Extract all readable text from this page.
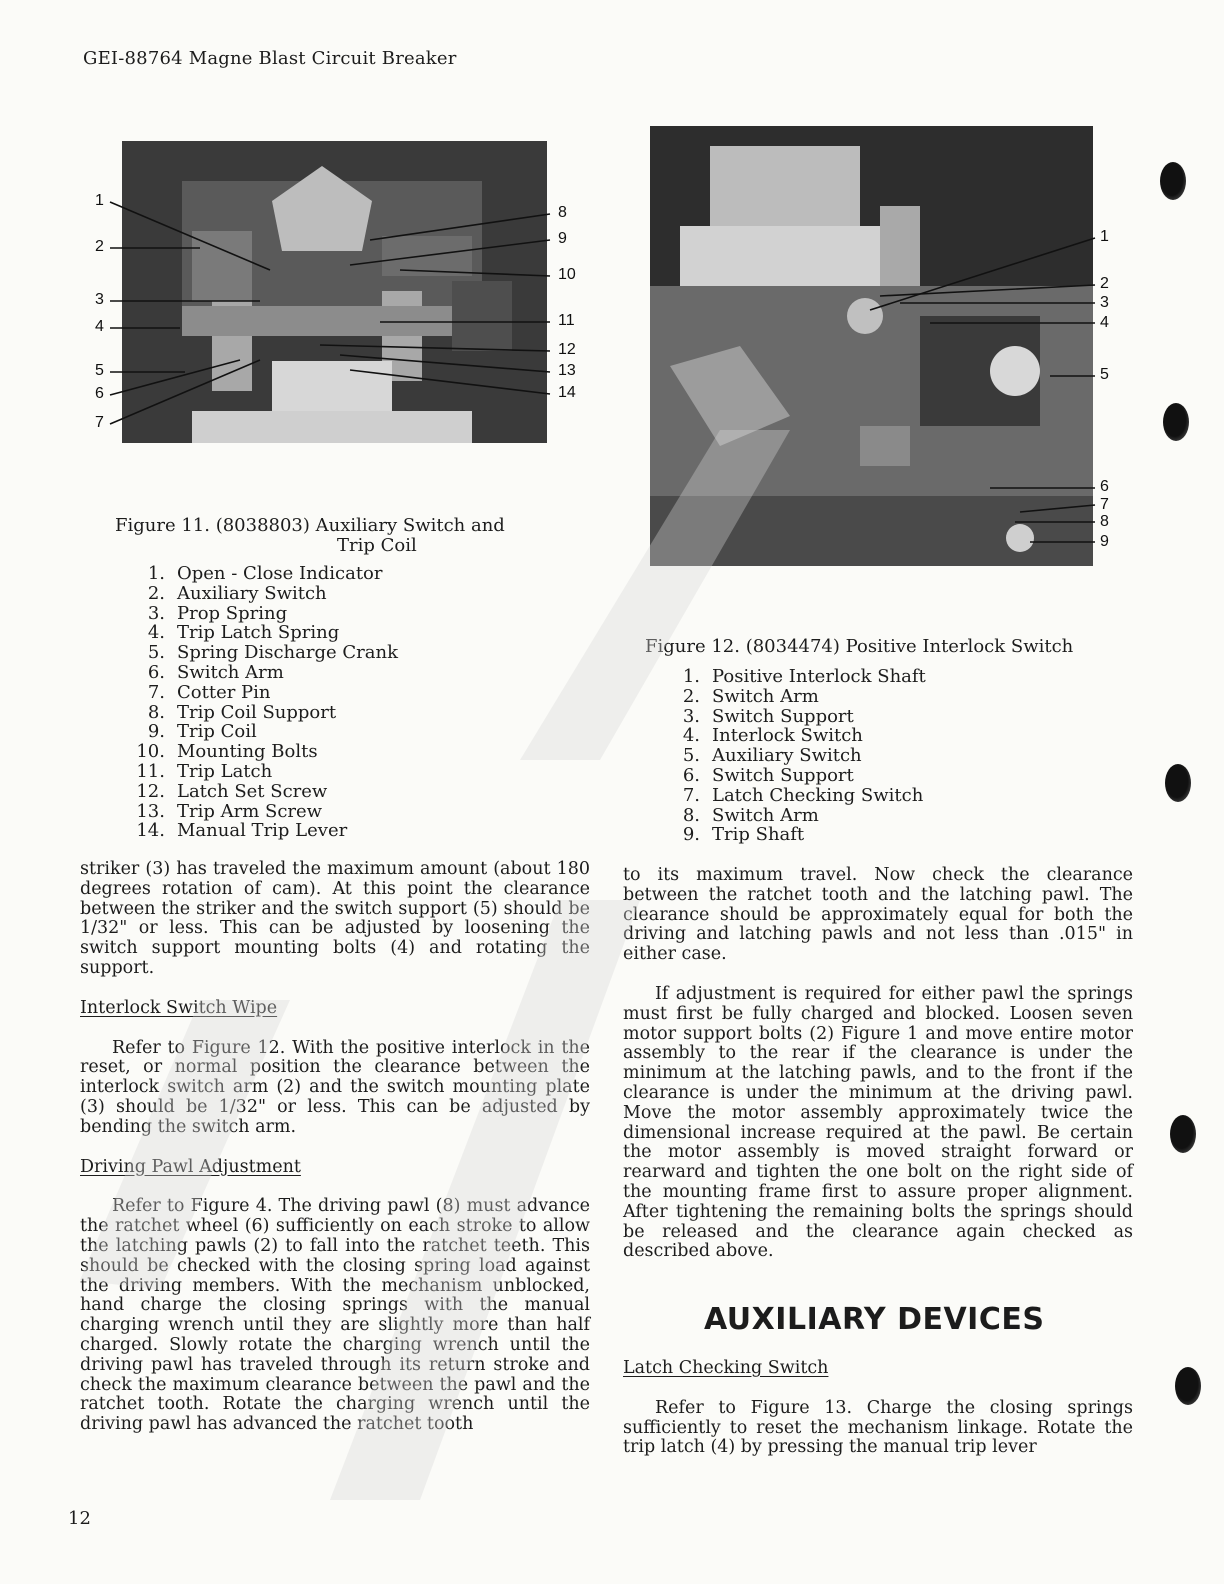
GEI-88764 Magne Blast Circuit Breaker
1
2
3
4
5
6
7
8
9
10
11
12
13
14
1
2
3
4
5
6
7
8
9
Figure 11. (8038803) Auxiliary Switch and
Trip Coil
1. Open - Close Indicator
2. Auxiliary Switch
3. Prop Spring
4. Trip Latch Spring
5. Spring Discharge Crank
6. Switch Arm
7. Cotter Pin
8. Trip Coil Support
9. Trip Coil
10. Mounting Bolts
11. Trip Latch
12. Latch Set Screw
13. Trip Arm Screw
14. Manual Trip Lever
Figure 12. (8034474) Positive Interlock Switch
1. Positive Interlock Shaft
2. Switch Arm
3. Switch Support
4. Interlock Switch
5. Auxiliary Switch
6. Switch Support
7. Latch Checking Switch
8. Switch Arm
9. Trip Shaft

striker (3) has traveled the maximum amount (about 180 degrees rotation of cam). At this point the clearance between the striker and the switch support (5) should be 1/32" or less. This can be adjusted by loosening the switch support mounting bolts (4) and rotating the support.

Interlock Switch Wipe

Refer to Figure 12. With the positive interlock in the reset, or normal position the clearance between the interlock switch arm (2) and the switch mounting plate (3) should be 1/32" or less. This can be adjusted by bending the switch arm.

Driving Pawl Adjustment

Refer to Figure 4. The driving pawl (8) must advance the ratchet wheel (6) sufficiently on each stroke to allow the latching pawls (2) to fall into the ratchet teeth. This should be checked with the closing spring load against the driving members. With the mechanism unblocked, hand charge the closing springs with the manual charging wrench until they are slightly more than half charged. Slowly rotate the charging wrench until the driving pawl has traveled through its return stroke and check the maximum clearance between the pawl and the ratchet tooth. Rotate the charging wrench until the driving pawl has advanced the ratchet tooth

to its maximum travel. Now check the clearance between the ratchet tooth and the latching pawl. The clearance should be approximately equal for both the driving and latching pawls and not less than .015" in either case.

If adjustment is required for either pawl the springs must first be fully charged and blocked. Loosen seven motor support bolts (2) Figure 1 and move entire motor assembly to the rear if the clearance is under the minimum at the latching pawls, and to the front if the clearance is under the minimum at the driving pawl. Move the motor assembly approximately twice the dimensional increase required at the pawl. Be certain the motor assembly is moved straight forward or rearward and tighten the one bolt on the right side of the mounting frame first to assure proper alignment. After tightening the remaining bolts the springs should be released and the clearance again checked as described above.

AUXILIARY DEVICES

Latch Checking Switch

Refer to Figure 13. Charge the closing springs sufficiently to reset the mechanism linkage. Rotate the trip latch (4) by pressing the manual trip lever

12
